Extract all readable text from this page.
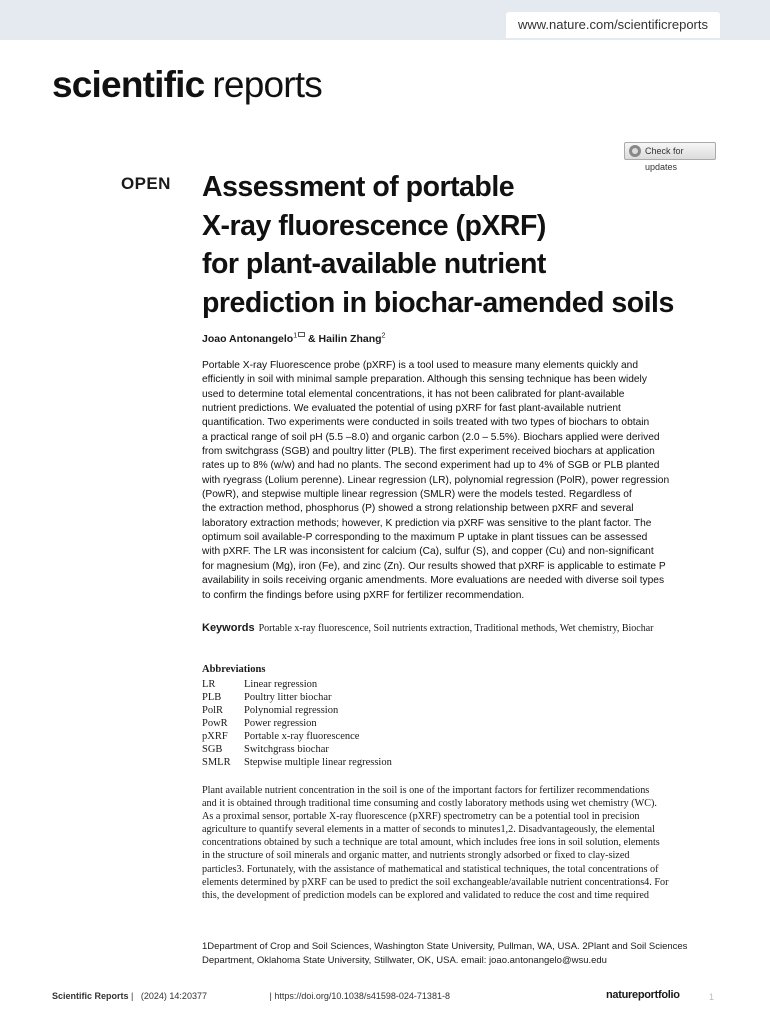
www.nature.com/scientificreports
scientific reports
Check for updates
OPEN Assessment of portable
X-ray fluorescence (pXRF)
for plant-available nutrient
prediction in biochar-amended soils
Joao Antonangelo$^1$ & Hailin Zhang$^2$
Portable X-ray Fluorescence probe (pXRF) is a tool used to measure many elements quickly and
efficiently in soil with minimal sample preparation. Although this sensing technique has been widely
used to determine total elemental concentrations, it has not been calibrated for plant-available
nutrient predictions. We evaluated the potential of using pXRF for fast plant-available nutrient
quantification. Two experiments were conducted in soils treated with two types of biochars to obtain
a practical range of soil pH (5.5 –8.0) and organic carbon (2.0 – 5.5%). Biochars applied were derived
from switchgrass (SGB) and poultry litter (PLB). The first experiment received biochars at application
rates up to 8% (w/w) and had no plants. The second experiment had up to 4% of SGB or PLB planted
with ryegrass (Lolium perenne). Linear regression (LR), polynomial regression (PolR), power regression
(PowR), and stepwise multiple linear regression (SMLR) were the models tested. Regardless of
the extraction method, phosphorus (P) showed a strong relationship between pXRF and several
laboratory extraction methods; however, K prediction via pXRF was sensitive to the plant factor. The
optimum soil available-P corresponding to the maximum P uptake in plant tissues can be assessed
with pXRF. The LR was inconsistent for calcium (Ca), sulfur (S), and copper (Cu) and non-significant
for magnesium (Mg), iron (Fe), and zinc (Zn). Our results showed that pXRF is applicable to estimate P
availability in soils receiving organic amendments. More evaluations are needed with diverse soil types
to confirm the findings before using pXRF for fertilizer recommendation.
Keywords Portable x-ray fluorescence, Soil nutrients extraction, Traditional methods, Wet chemistry, Biochar
Abbreviations
LR	Linear regression
PLB	Poultry litter biochar
PolR	Polynomial regression
PowR	Power regression
pXRF	Portable x-ray fluorescence
SGB	Switchgrass biochar
SMLR	Stepwise multiple linear regression
Plant available nutrient concentration in the soil is one of the important factors for fertilizer recommendations
and it is obtained through traditional time consuming and costly laboratory methods using wet chemistry (WC).
As a proximal sensor, portable X-ray fluorescence (pXRF) spectrometry can be a potential tool in precision
agriculture to quantify several elements in a matter of seconds to minutes1,2. Disadvantageously, the elemental
concentrations obtained by such a technique are total amount, which includes free ions in soil solution, elements
in the structure of soil minerals and organic matter, and nutrients strongly adsorbed or fixed to clay-sized
particles3. Fortunately, with the assistance of mathematical and statistical techniques, the total concentrations of
elements determined by pXRF can be used to predict the soil exchangeable/available nutrient concentrations4. For
this, the development of prediction models can be explored and validated to reduce the cost and time required
1Department of Crop and Soil Sciences, Washington State University, Pullman, WA, USA. 2Plant and Soil Sciences
Department, Oklahoma State University, Stillwater, OK, USA. email: joao.antonangelo@wsu.edu
Scientific Reports | (2024) 14:20377	| https://doi.org/10.1038/s41598-024-71381-8	natureportfolio	1
